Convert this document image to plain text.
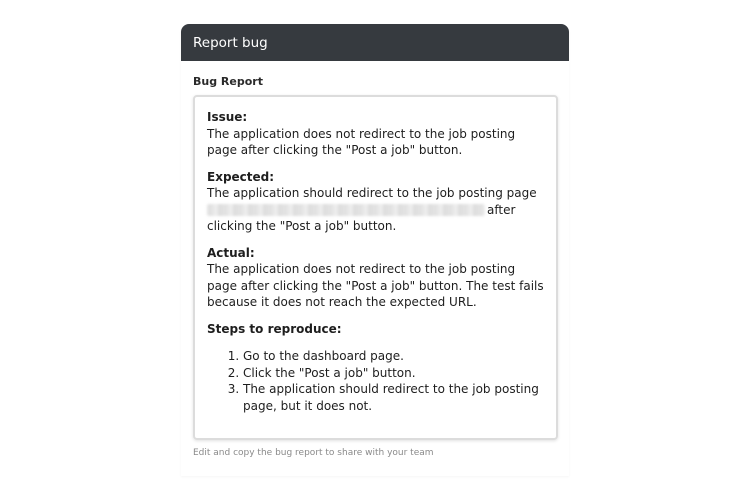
Report bug
Bug Report
Issue:
The application does not redirect to the job posting page after clicking the "Post a job" button.
Expected:
The application should redirect to the job posting page
after
clicking the "Post a job" button.
Actual:
The application does not redirect to the job posting page after clicking the "Post a job" button. The test fails because it does not reach the expected URL.
Steps to reproduce:
1. Go to the dashboard page.
2. Click the "Post a job" button.
3. The application should redirect to the job posting page, but it does not.
Edit and copy the bug report to share with your team
